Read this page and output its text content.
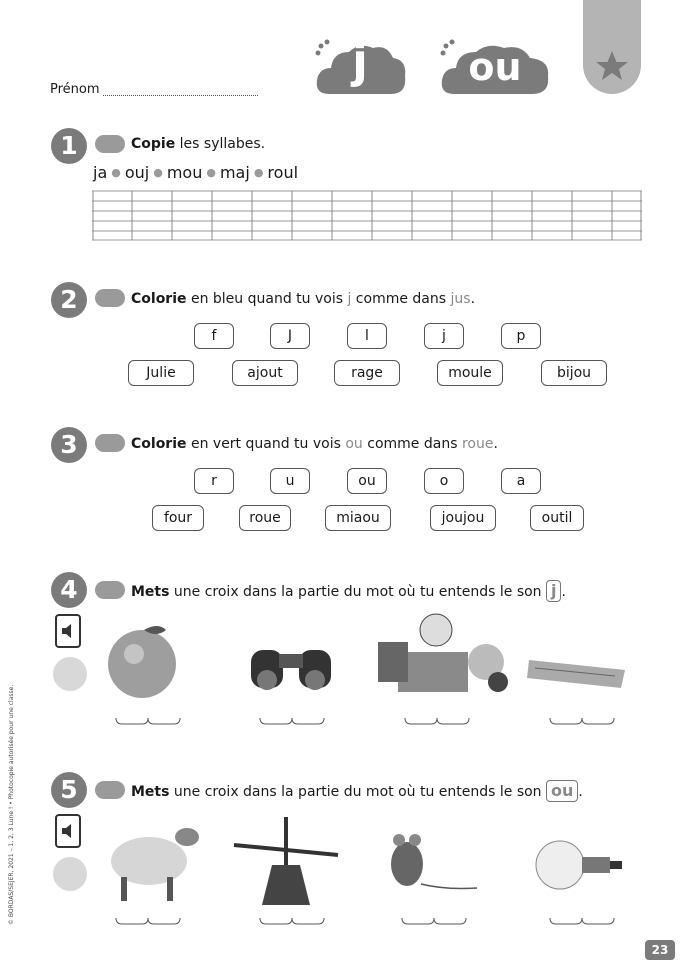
Prénom
j	ou
1	Copie les syllabes.
ja ● ouj ● mou ● maj ● roul
2	Colorie en bleu quand tu vois j comme dans jus.
f	J	l	j	p
Julie	ajout	rage	moule	bijou
3	Colorie en vert quand tu vois ou comme dans roue.
r	u	ou	o	a
four	roue	miaou	joujou	outil
4	Mets une croix dans la partie du mot où tu entends le son j .
5	Mets une croix dans la partie du mot où tu entends le son ou .
© BORDAS/SEJER, 2021 – 1, 2, 3 Lune ! • Photocopie autorisée pour une classe.
23
